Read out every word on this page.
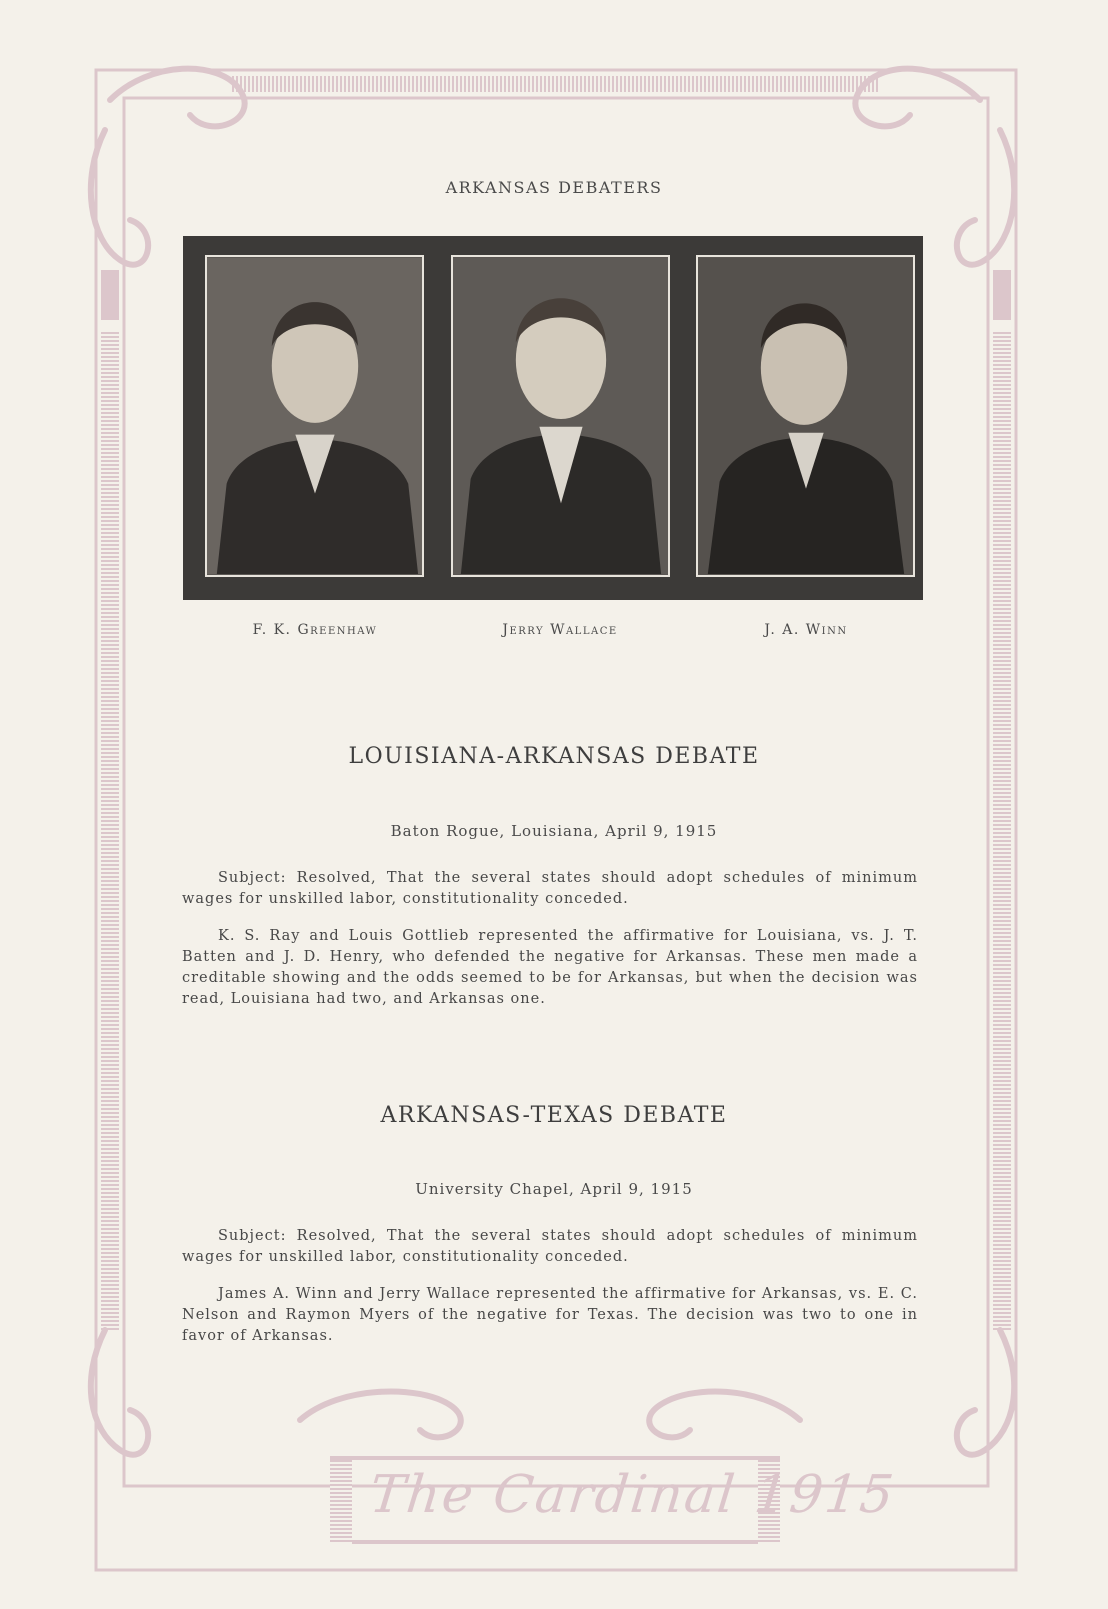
ARKANSAS DEBATERS
F. K. Greenhaw	Jerry Wallace	J. A. Winn
LOUISIANA-ARKANSAS DEBATE
Baton Rogue, Louisiana, April 9, 1915

Subject: Resolved, That the several states should adopt schedules of minimum wages for unskilled labor, constitutionality conceded.

K. S. Ray and Louis Gottlieb represented the affirmative for Louisiana, vs. J. T. Batten and J. D. Henry, who defended the negative for Arkansas. These men made a creditable showing and the odds seemed to be for Arkansas, but when the decision was read, Louisiana had two, and Arkansas one.

ARKANSAS-TEXAS DEBATE
University Chapel, April 9, 1915

Subject: Resolved, That the several states should adopt schedules of minimum wages for unskilled labor, constitutionality conceded.

James A. Winn and Jerry Wallace represented the affirmative for Arkansas, vs. E. C. Nelson and Raymon Myers of the negative for Texas. The decision was two to one in favor of Arkansas.

The Cardinal 1915
